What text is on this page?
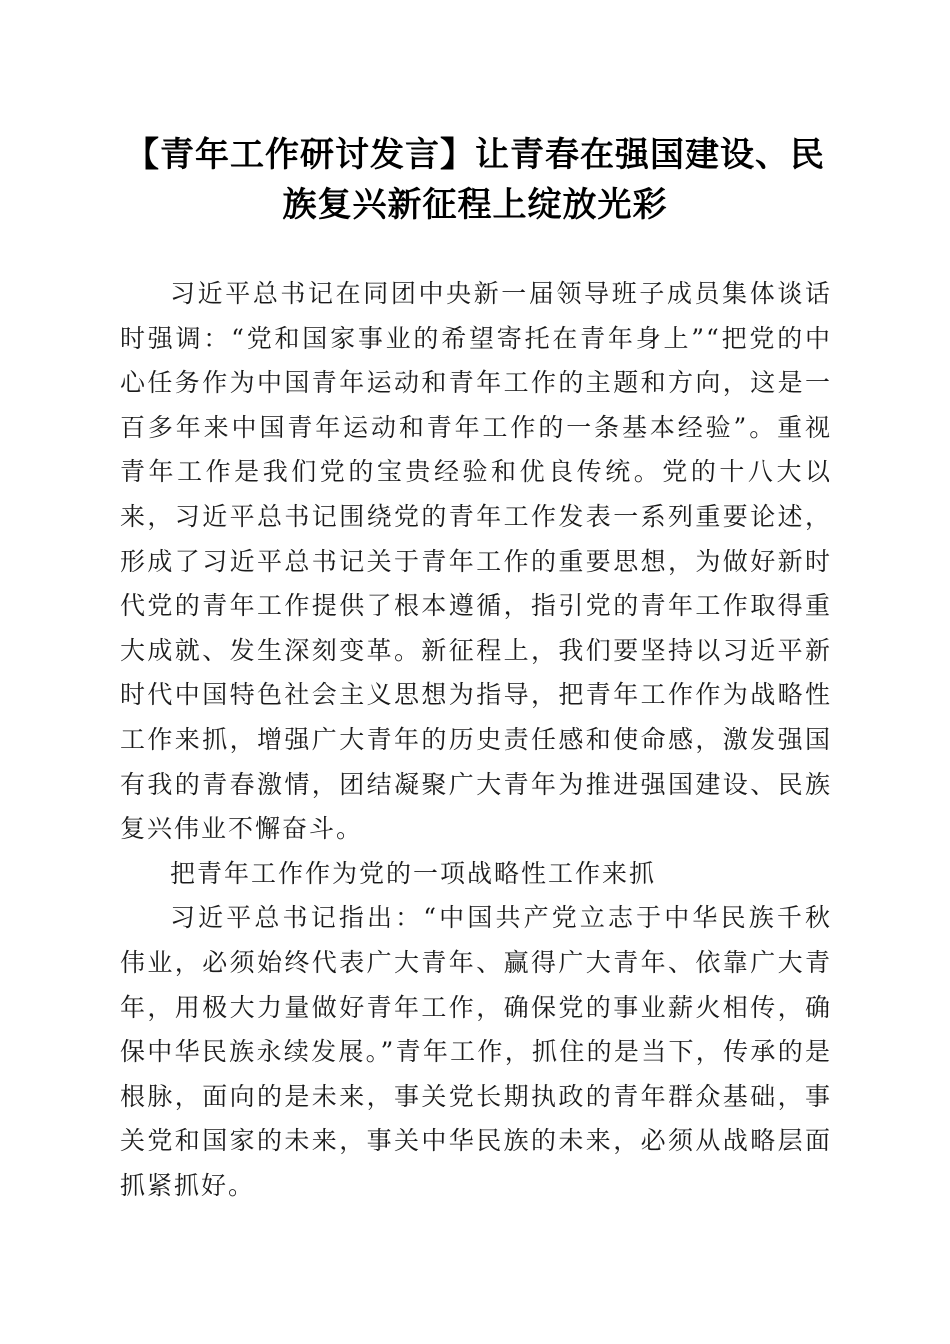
【青年工作研讨发言】让青春在强国建设、民
族复兴新征程上绽放光彩

习近平总书记在同团中央新一届领导班子成员集体谈话时强调：“党和国家事业的希望寄托在青年身上”“把党的中心任务作为中国青年运动和青年工作的主题和方向，这是一百多年来中国青年运动和青年工作的一条基本经验”。重视青年工作是我们党的宝贵经验和优良传统。党的十八大以来，习近平总书记围绕党的青年工作发表一系列重要论述，形成了习近平总书记关于青年工作的重要思想，为做好新时代党的青年工作提供了根本遵循，指引党的青年工作取得重大成就、发生深刻变革。新征程上，我们要坚持以习近平新时代中国特色社会主义思想为指导，把青年工作作为战略性工作来抓，增强广大青年的历史责任感和使命感，激发强国有我的青春激情，团结凝聚广大青年为推进强国建设、民族复兴伟业不懈奋斗。

把青年工作作为党的一项战略性工作来抓

习近平总书记指出：“中国共产党立志于中华民族千秋伟业，必须始终代表广大青年、赢得广大青年、依靠广大青年，用极大力量做好青年工作，确保党的事业薪火相传，确保中华民族永续发展。”青年工作，抓住的是当下，传承的是根脉，面向的是未来，事关党长期执政的青年群众基础，事关党和国家的未来，事关中华民族的未来，必须从战略层面抓紧抓好。
